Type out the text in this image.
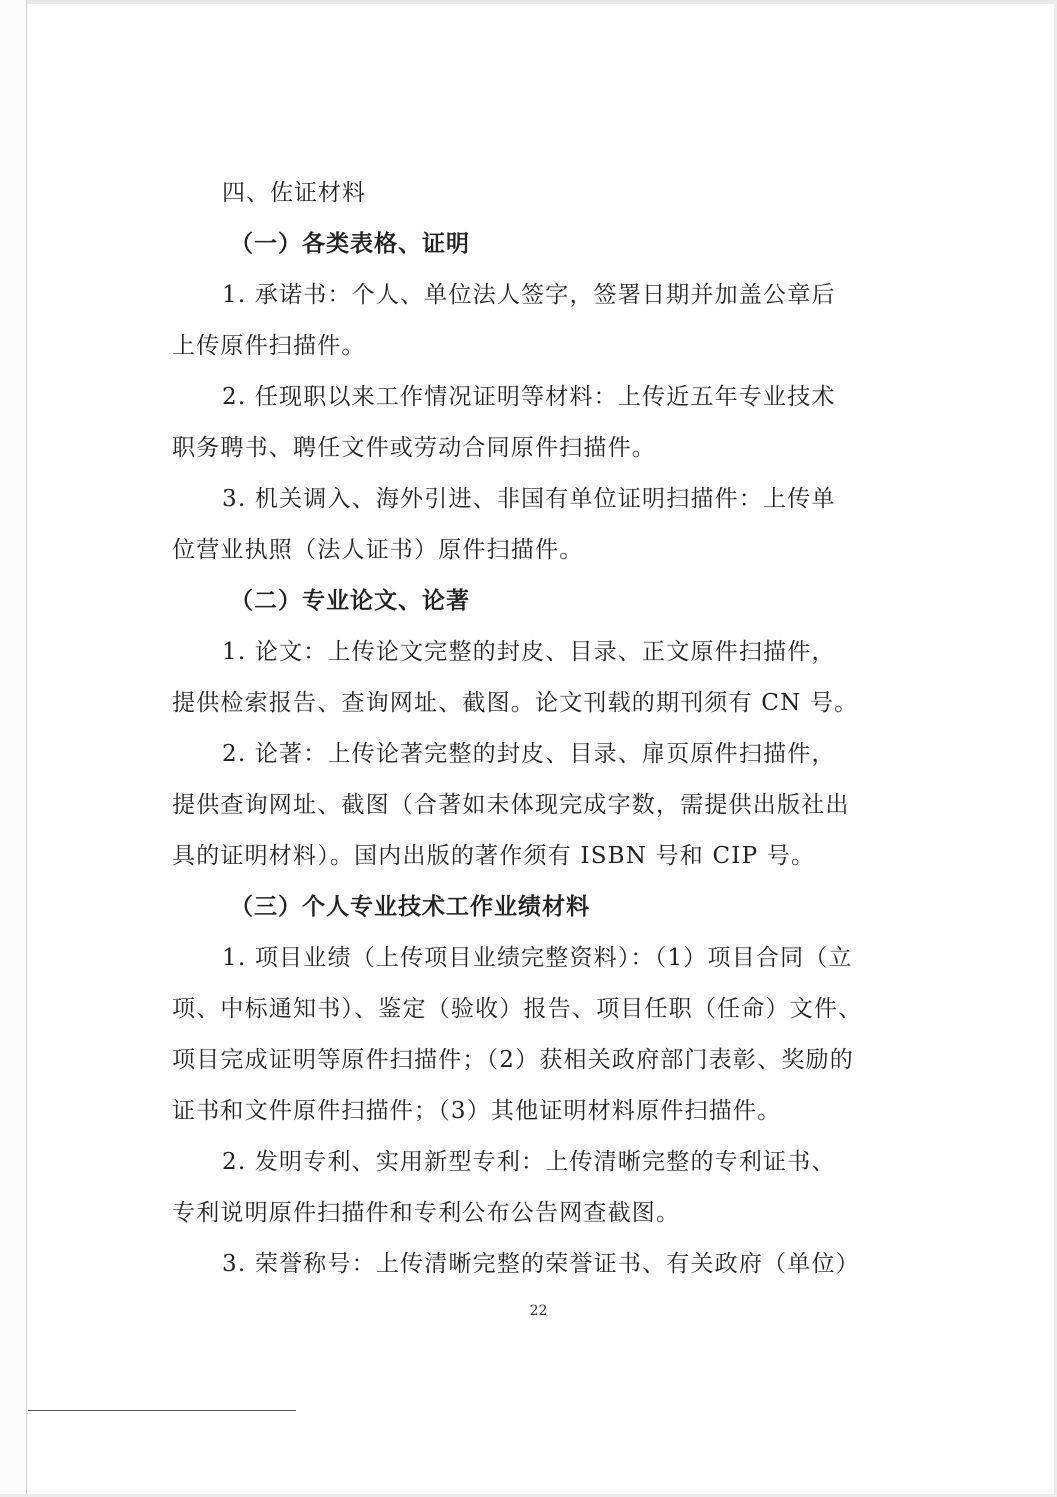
四、佐证材料
（一）各类表格、证明
1. 承诺书：个人、单位法人签字，签署日期并加盖公章后
上传原件扫描件。
2. 任现职以来工作情况证明等材料：上传近五年专业技术
职务聘书、聘任文件或劳动合同原件扫描件。
3. 机关调入、海外引进、非国有单位证明扫描件：上传单
位营业执照（法人证书）原件扫描件。
（二）专业论文、论著
1. 论文：上传论文完整的封皮、目录、正文原件扫描件，
提供检索报告、查询网址、截图。论文刊载的期刊须有 CN 号。
2. 论著：上传论著完整的封皮、目录、扉页原件扫描件，
提供查询网址、截图（合著如未体现完成字数，需提供出版社出
具的证明材料）。国内出版的著作须有 ISBN 号和 CIP 号。
（三）个人专业技术工作业绩材料
1. 项目业绩（上传项目业绩完整资料）：（1）项目合同（立
项、中标通知书）、鉴定（验收）报告、项目任职（任命）文件、
项目完成证明等原件扫描件；（2）获相关政府部门表彰、奖励的
证书和文件原件扫描件；（3）其他证明材料原件扫描件。
2. 发明专利、实用新型专利：上传清晰完整的专利证书、
专利说明原件扫描件和专利公布公告网查截图。
3. 荣誉称号：上传清晰完整的荣誉证书、有关政府（单位）
22
